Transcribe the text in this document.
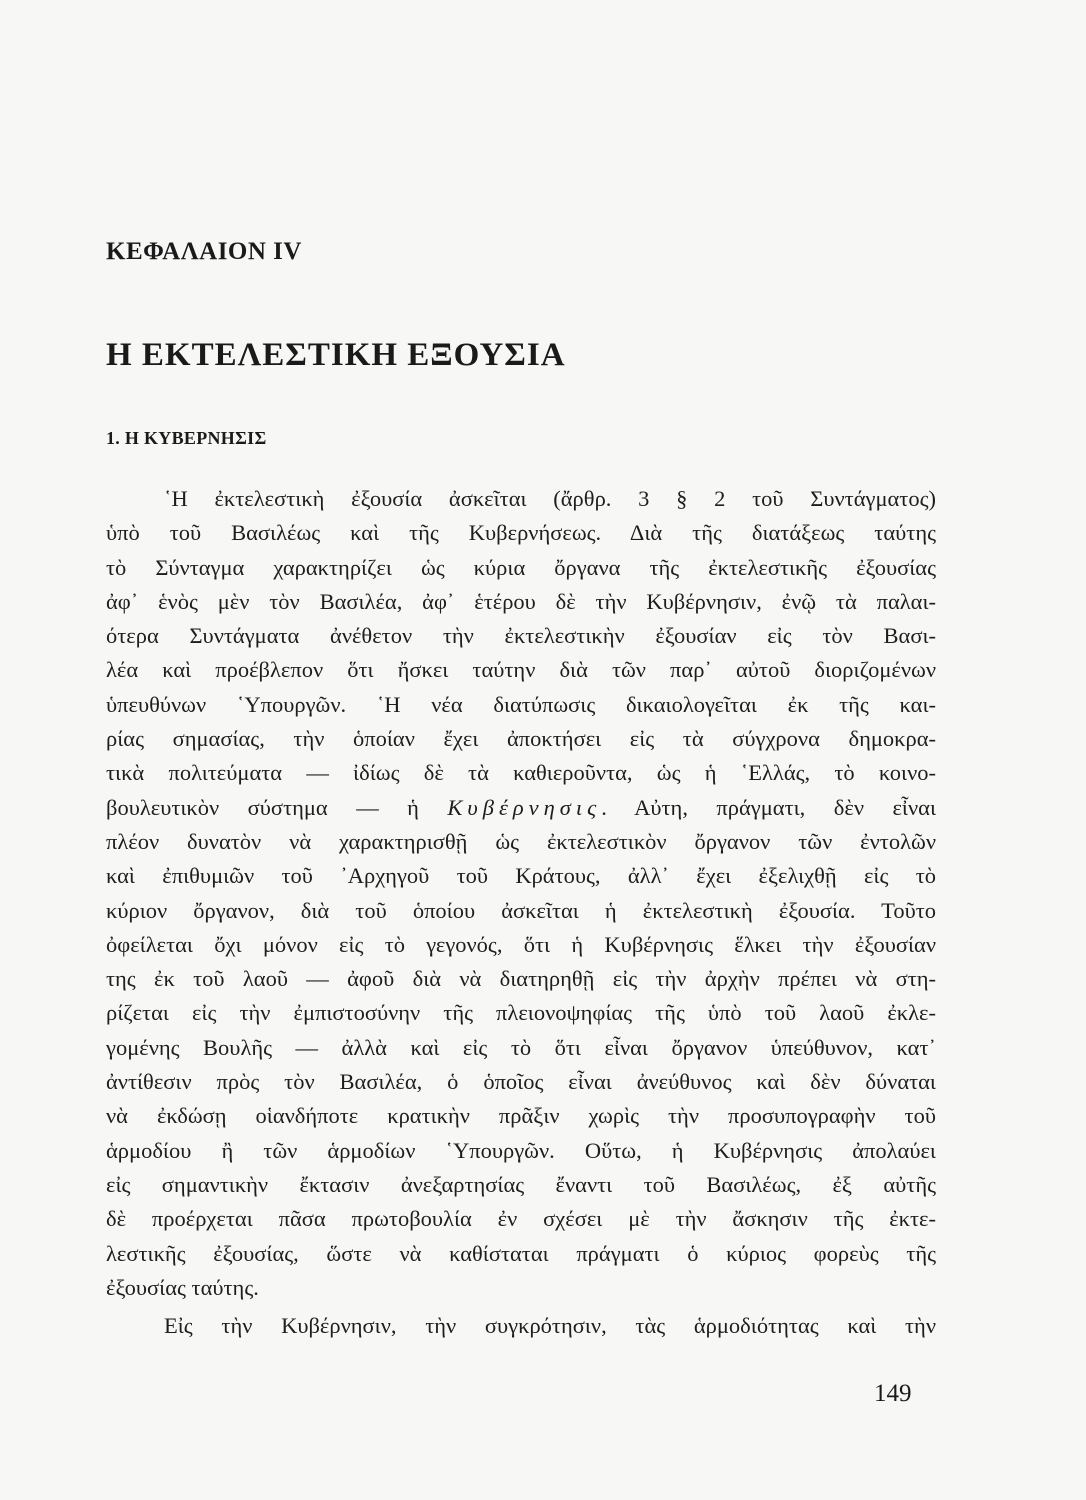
ΚΕΦΑΛΑΙΟΝ IV
Η ΕΚΤΕΛΕΣΤΙΚΗ ΕΞΟΥΣΙΑ
1. Η ΚΥΒΕΡΝΗΣΙΣ
῾Η ἐκτελεστικὴ ἐξουσία ἀσκεῖται (ἄρθρ. 3 § 2 τοῦ Συντάγματος)
ὑπὸ τοῦ Βασιλέως καὶ τῆς Κυβερνήσεως. Διὰ τῆς διατάξεως ταύτης
τὸ Σύνταγμα χαρακτηρίζει ὡς κύρια ὄργανα τῆς ἐκτελεστικῆς ἐξουσίας
ἀφ᾽ ἑνὸς μὲν τὸν Βασιλέα, ἀφ᾽ ἑτέρου δὲ τὴν Κυβέρνησιν, ἐνῷ τὰ παλαι-
ότερα Συντάγματα ἀνέθετον τὴν ἐκτελεστικὴν ἐξουσίαν εἰς τὸν Βασι-
λέα καὶ προέβλεπον ὅτι ἤσκει ταύτην διὰ τῶν παρ᾽ αὐτοῦ διοριζομένων
ὑπευθύνων ῾Υπουργῶν. ῾Η νέα διατύπωσις δικαιολογεῖται ἐκ τῆς και-
ρίας σημασίας, τὴν ὁποίαν ἔχει ἀποκτήσει εἰς τὰ σύγχρονα δημοκρα-
τικὰ πολιτεύματα — ἰδίως δὲ τὰ καθιεροῦντα, ὡς ἡ ῾Ελλάς, τὸ κοινο-
βουλευτικὸν σύστημα — ἡ Κυβέρνησις. Αὐτη, πράγματι, δὲν εἶναι
πλέον δυνατὸν νὰ χαρακτηρισθῇ ὡς ἐκτελεστικὸν ὄργανον τῶν ἐντολῶν
καὶ ἐπιθυμιῶν τοῦ ᾽Αρχηγοῦ τοῦ Κράτους, ἀλλ᾽ ἔχει ἐξελιχθῇ εἰς τὸ
κύριον ὄργανον, διὰ τοῦ ὁποίου ἀσκεῖται ἡ ἐκτελεστικὴ ἐξουσία. Τοῦτο
ὀφείλεται ὄχι μόνον εἰς τὸ γεγονός, ὅτι ἡ Κυβέρνησις ἕλκει τὴν ἐξουσίαν
της ἐκ τοῦ λαοῦ — ἀφοῦ διὰ νὰ διατηρηθῇ εἰς τὴν ἀρχὴν πρέπει νὰ στη-
ρίζεται εἰς τὴν ἐμπιστοσύνην τῆς πλειονοψηφίας τῆς ὑπὸ τοῦ λαοῦ ἐκλε-
γομένης Βουλῆς — ἀλλὰ καὶ εἰς τὸ ὅτι εἶναι ὄργανον ὑπεύθυνον, κατ᾽
ἀντίθεσιν πρὸς τὸν Βασιλέα, ὁ ὁποῖος εἶναι ἀνεύθυνος καὶ δὲν δύναται
νὰ ἐκδώσῃ οἱανδήποτε κρατικὴν πρᾶξιν χωρὶς τὴν προσυπογραφὴν τοῦ
ἁρμοδίου ἢ τῶν ἁρμοδίων ῾Υπουργῶν. Οὕτω, ἡ Κυβέρνησις ἀπολαύει
εἰς σημαντικὴν ἔκτασιν ἀνεξαρτησίας ἔναντι τοῦ Βασιλέως, ἐξ αὐτῆς
δὲ προέρχεται πᾶσα πρωτοβουλία ἐν σχέσει μὲ τὴν ἄσκησιν τῆς ἐκτε-
λεστικῆς ἐξουσίας, ὥστε νὰ καθίσταται πράγματι ὁ κύριος φορεὺς τῆς
ἐξουσίας ταύτης.
Εἰς τὴν Κυβέρνησιν, τὴν συγκρότησιν, τὰς ἁρμοδιότητας καὶ τὴν
149
